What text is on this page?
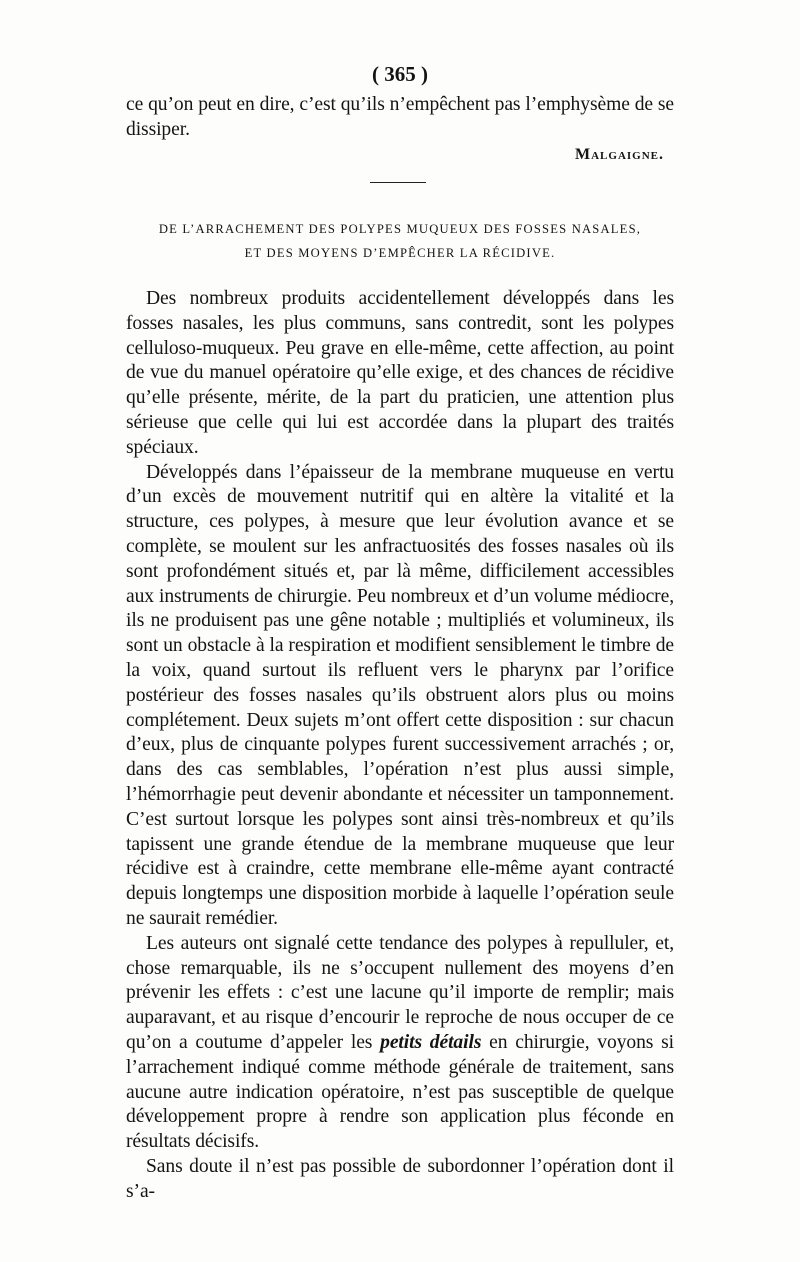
( 365 )
ce qu’on peut en dire, c’est qu’ils n’empêchent pas l’emphysème de se dissiper.
Malgaigne.
DE L’ARRACHEMENT DES POLYPES MUQUEUX DES FOSSES NASALES,
ET DES MOYENS D’EMPÊCHER LA RÉCIDIVE.

Des nombreux produits accidentellement développés dans les fosses nasales, les plus communs, sans contredit, sont les polypes celluloso-muqueux. Peu grave en elle-même, cette affection, au point de vue du manuel opératoire qu’elle exige, et des chances de récidive qu’elle présente, mérite, de la part du praticien, une attention plus sérieuse que celle qui lui est accordée dans la plupart des traités spéciaux.

Développés dans l’épaisseur de la membrane muqueuse en vertu d’un excès de mouvement nutritif qui en altère la vitalité et la structure, ces polypes, à mesure que leur évolution avance et se complète, se moulent sur les anfractuosités des fosses nasales où ils sont profondément situés et, par là même, difficilement accessibles aux instruments de chirurgie. Peu nombreux et d’un volume médiocre, ils ne produisent pas une gêne notable ; multipliés et volumineux, ils sont un obstacle à la respiration et modifient sensiblement le timbre de la voix, quand surtout ils refluent vers le pharynx par l’orifice postérieur des fosses nasales qu’ils obstruent alors plus ou moins complétement. Deux sujets m’ont offert cette disposition : sur chacun d’eux, plus de cinquante polypes furent successivement arrachés ; or, dans des cas semblables, l’opération n’est plus aussi simple, l’hémorrhagie peut devenir abondante et nécessiter un tamponnement. C’est surtout lorsque les polypes sont ainsi très-nombreux et qu’ils tapissent une grande étendue de la membrane muqueuse que leur récidive est à craindre, cette membrane elle-même ayant contracté depuis longtemps une disposition morbide à laquelle l’opération seule ne saurait remédier.

Les auteurs ont signalé cette tendance des polypes à repulluler, et, chose remarquable, ils ne s’occupent nullement des moyens d’en prévenir les effets : c’est une lacune qu’il importe de remplir; mais auparavant, et au risque d’encourir le reproche de nous occuper de ce qu’on a coutume d’appeler les petits détails en chirurgie, voyons si l’arrachement indiqué comme méthode générale de traitement, sans aucune autre indication opératoire, n’est pas susceptible de quelque développement propre à rendre son application plus féconde en résultats décisifs.

Sans doute il n’est pas possible de subordonner l’opération dont il s’a-
